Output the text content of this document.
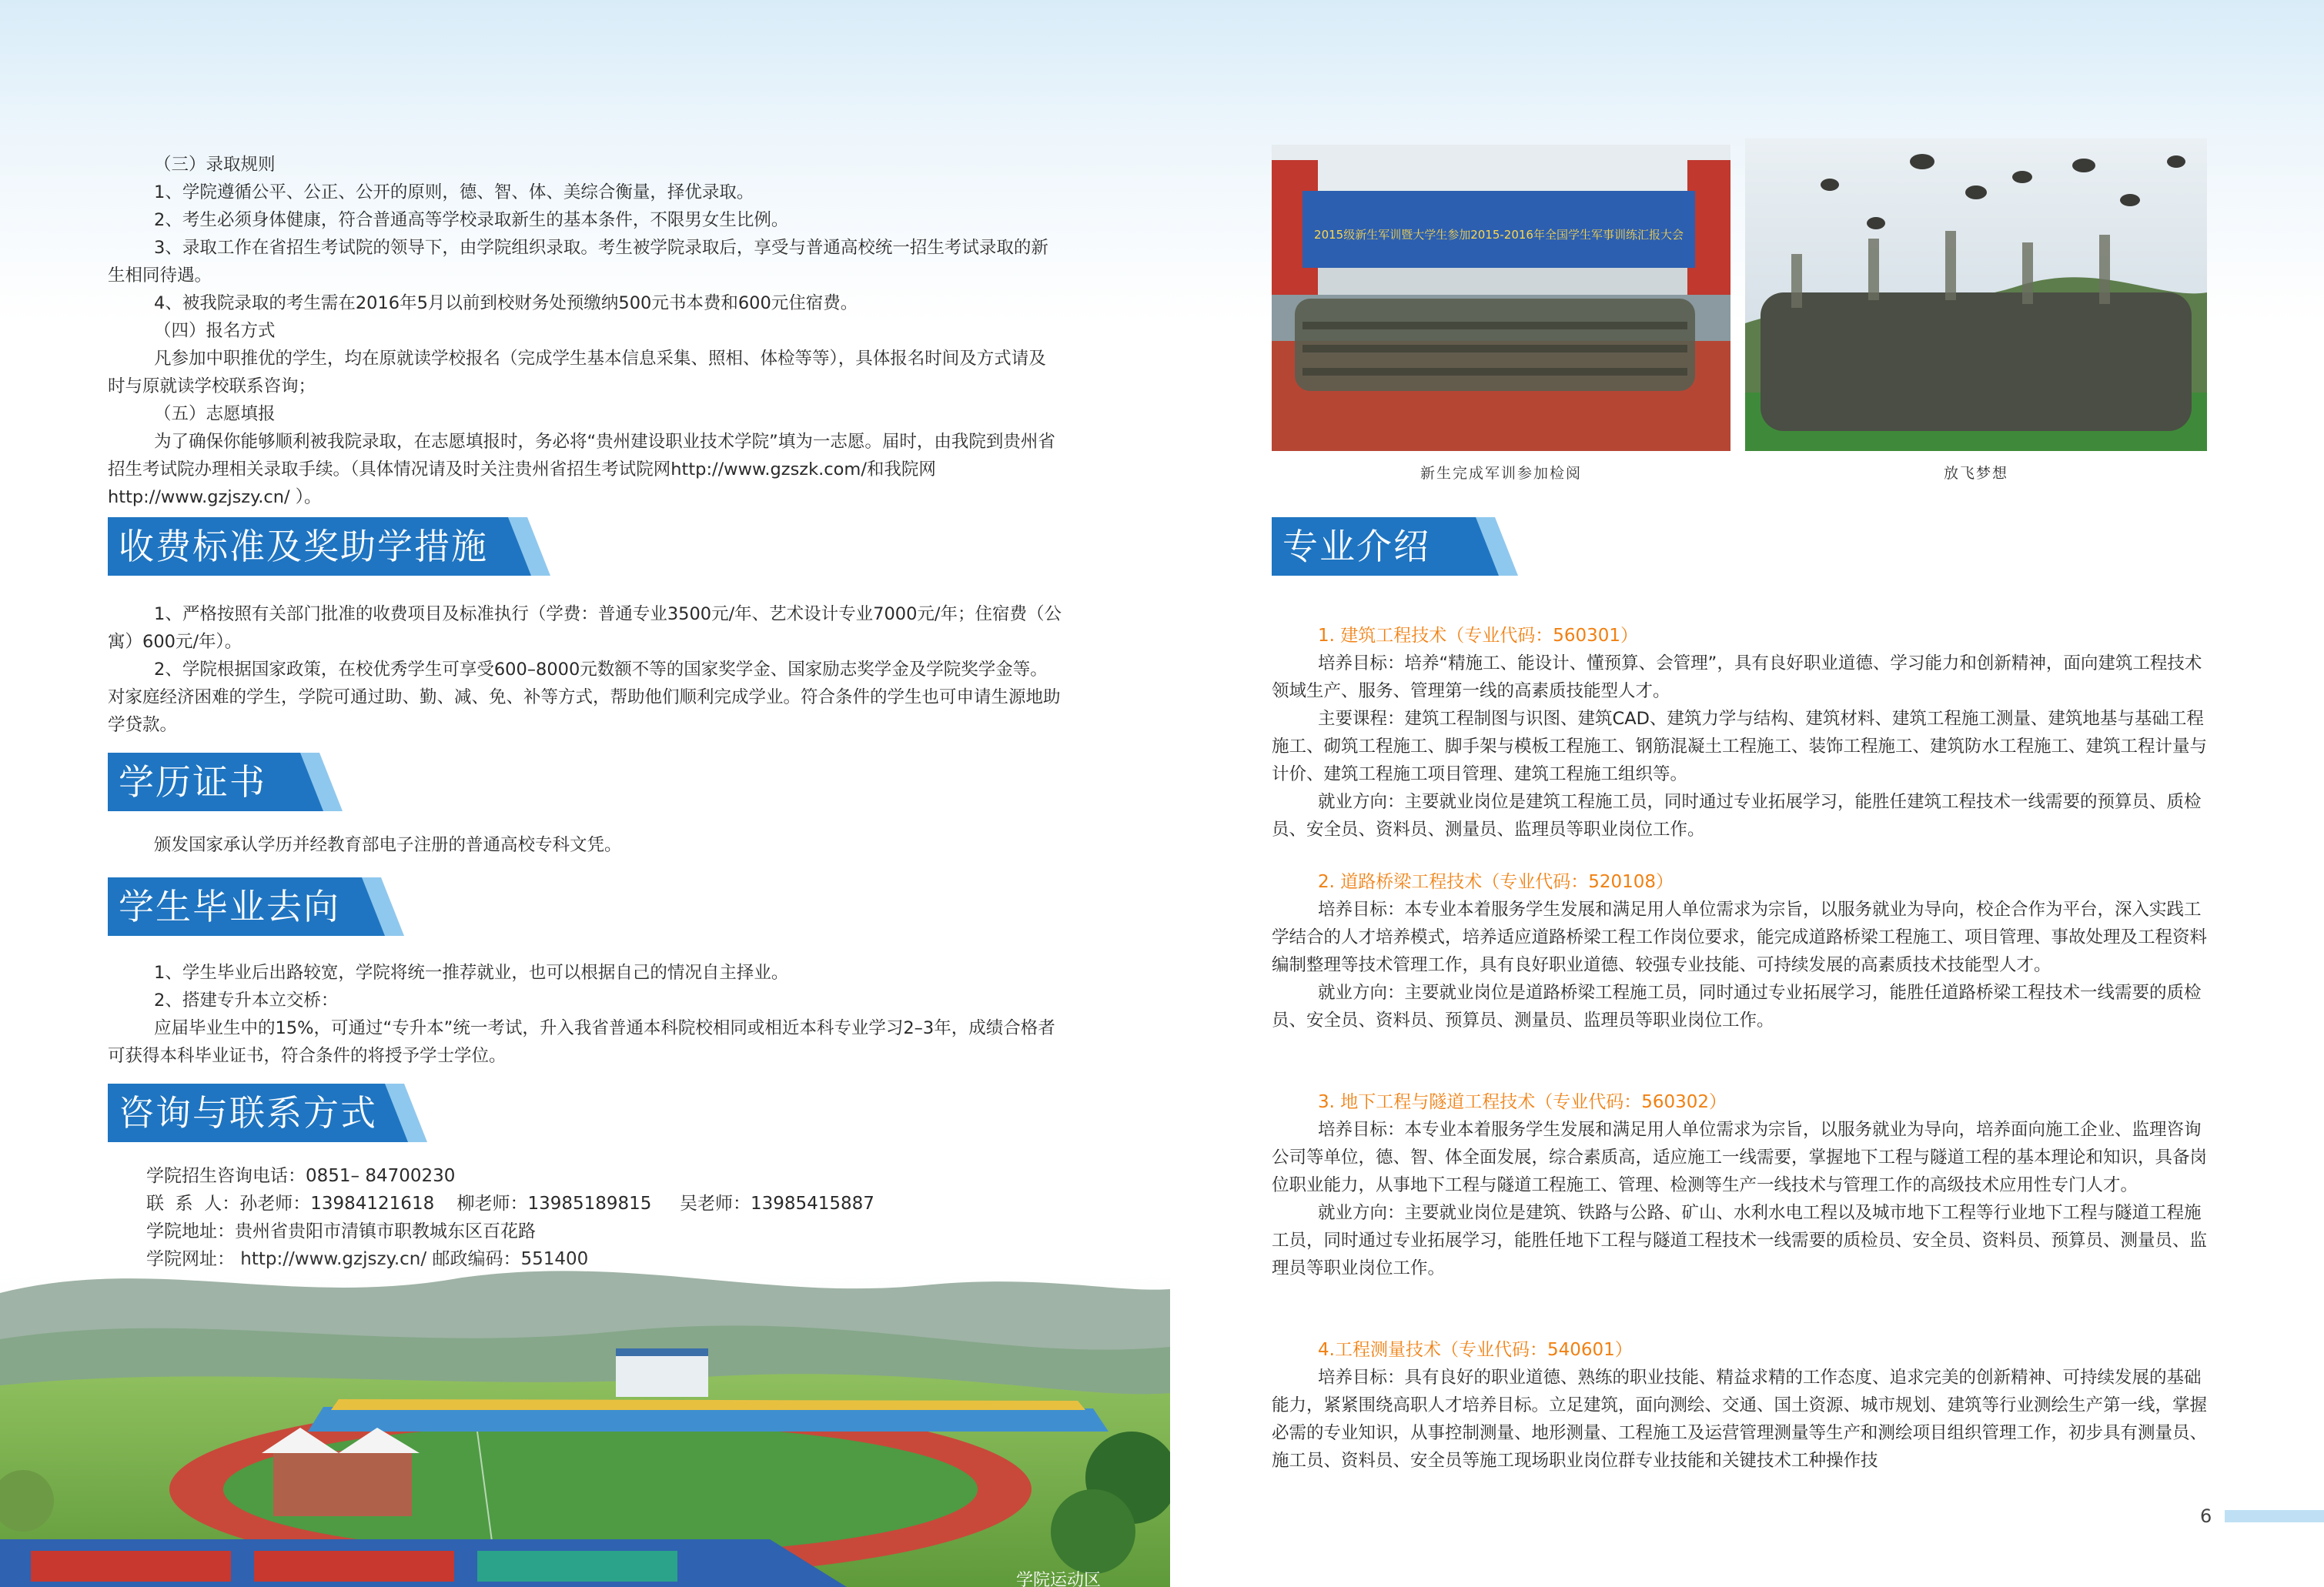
（三）录取规则

1、学院遵循公平、公正、公开的原则，德、智、体、美综合衡量，择优录取。

2、考生必须身体健康，符合普通高等学校录取新生的基本条件，不限男女生比例。

3、录取工作在省招生考试院的领导下，由学院组织录取。考生被学院录取后，享受与普通高校统一招生考试录取的新生相同待遇。

4、被我院录取的考生需在2016年5月以前到校财务处预缴纳500元书本费和600元住宿费。

（四）报名方式

凡参加中职推优的学生，均在原就读学校报名（完成学生基本信息采集、照相、体检等等），具体报名时间及方式请及时与原就读学校联系咨询；

（五）志愿填报

为了确保你能够顺利被我院录取，在志愿填报时，务必将“贵州建设职业技术学院”填为一志愿。届时，由我院到贵州省招生考试院办理相关录取手续。（具体情况请及时关注贵州省招生考试院网http://www.gzszk.com/和我院网http://www.gzjszy.cn/ ）。

收费标准及奖助学措施

1、严格按照有关部门批准的收费项目及标准执行（学费：普通专业3500元/年、艺术设计专业7000元/年；住宿费（公寓）600元/年）。

2、学院根据国家政策，在校优秀学生可享受600–8000元数额不等的国家奖学金、国家励志奖学金及学院奖学金等。对家庭经济困难的学生，学院可通过助、勤、减、免、补等方式，帮助他们顺利完成学业。符合条件的学生也可申请生源地助学贷款。

学历证书

颁发国家承认学历并经教育部电子注册的普通高校专科文凭。

学生毕业去向

1、学生毕业后出路较宽，学院将统一推荐就业，也可以根据自己的情况自主择业。

2、搭建专升本立交桥：

应届毕业生中的15%，可通过“专升本”统一考试，升入我省普通本科院校相同或相近本科专业学习2–3年，成绩合格者可获得本科毕业证书，符合条件的将授予学士学位。

咨询与联系方式

学院招生咨询电话：0851– 84700230

联  系  人：孙老师：13984121618    柳老师：13985189815     吴老师：13985415887

学院地址：贵州省贵阳市清镇市职教城东区百花路

学院运动区
2015级新生军训暨大学生参加2015-2016年全国学生军事训练汇报大会
新生完成军训参加检阅	放飞梦想
专业介绍

1. 建筑工程技术（专业代码：560301）

培养目标：培养“精施工、能设计、懂预算、会管理”，具有良好职业道德、学习能力和创新精神，面向建筑工程技术领域生产、服务、管理第一线的高素质技能型人才。

主要课程：建筑工程制图与识图、建筑CAD、建筑力学与结构、建筑材料、建筑工程施工测量、建筑地基与基础工程施工、砌筑工程施工、脚手架与模板工程施工、钢筋混凝土工程施工、装饰工程施工、建筑防水工程施工、建筑工程计量与计价、建筑工程施工项目管理、建筑工程施工组织等。

就业方向：主要就业岗位是建筑工程施工员，同时通过专业拓展学习，能胜任建筑工程技术一线需要的预算员、质检员、安全员、资料员、测量员、监理员等职业岗位工作。

2. 道路桥梁工程技术（专业代码：520108）

培养目标：本专业本着服务学生发展和满足用人单位需求为宗旨，以服务就业为导向，校企合作为平台，深入实践工学结合的人才培养模式，培养适应道路桥梁工程工作岗位要求，能完成道路桥梁工程施工、项目管理、事故处理及工程资料编制整理等技术管理工作，具有良好职业道德、较强专业技能、可持续发展的高素质技术技能型人才。

就业方向：主要就业岗位是道路桥梁工程施工员，同时通过专业拓展学习，能胜任道路桥梁工程技术一线需要的质检员、安全员、资料员、预算员、测量员、监理员等职业岗位工作。

3. 地下工程与隧道工程技术（专业代码：560302）

培养目标：本专业本着服务学生发展和满足用人单位需求为宗旨，以服务就业为导向，培养面向施工企业、监理咨询公司等单位，德、智、体全面发展，综合素质高，适应施工一线需要，掌握地下工程与隧道工程的基本理论和知识，具备岗位职业能力，从事地下工程与隧道工程施工、管理、检测等生产一线技术与管理工作的高级技术应用性专门人才。

就业方向：主要就业岗位是建筑、铁路与公路、矿山、水利水电工程以及城市地下工程等行业地下工程与隧道工程施工员，同时通过专业拓展学习，能胜任地下工程与隧道工程技术一线需要的质检员、安全员、资料员、预算员、测量员、监理员等职业岗位工作。

4.工程测量技术（专业代码：540601）

培养目标：具有良好的职业道德、熟练的职业技能、精益求精的工作态度、追求完美的创新精神、可持续发展的基础能力，紧紧围绕高职人才培养目标。立足建筑，面向测绘、交通、国土资源、城市规划、建筑等行业测绘生产第一线，掌握必需的专业知识，从事控制测量、地形测量、工程施工及运营管理测量等生产和测绘项目组织管理工作，初步具有测量员、施工员、资料员、安全员等施工现场职业岗位群专业技能和关键技术工种操作技

6
